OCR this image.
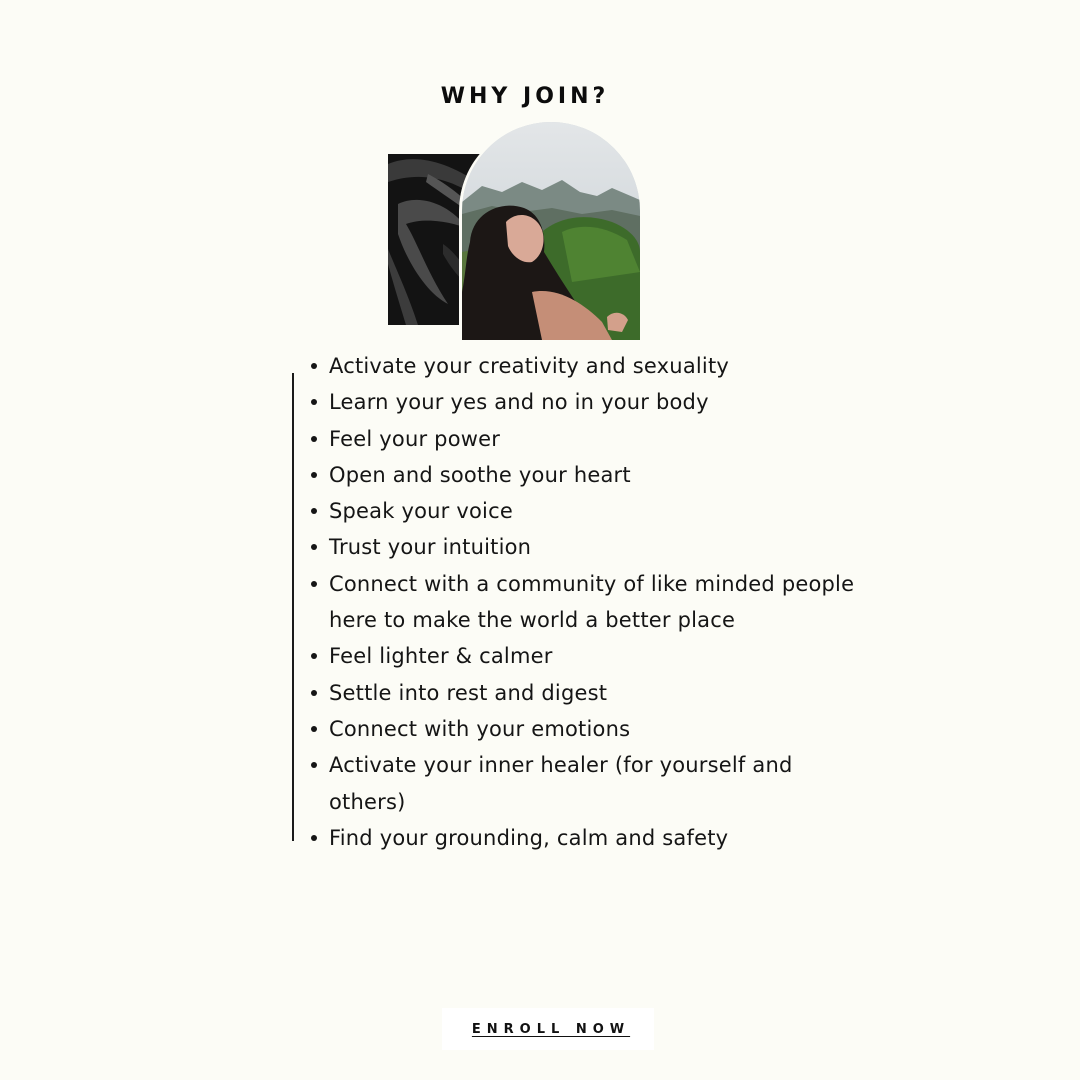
WHY JOIN?
Activate your creativity and sexuality
Learn your yes and no in your body
Feel your power
Open and soothe your heart
Speak your voice
Trust your intuition
Connect with a community of like minded people here to make the world a better place
Feel lighter & calmer
Settle into rest and digest
Connect with your emotions
Activate your inner healer (for yourself and others)
Find your grounding, calm and safety
ENROLL NOW
